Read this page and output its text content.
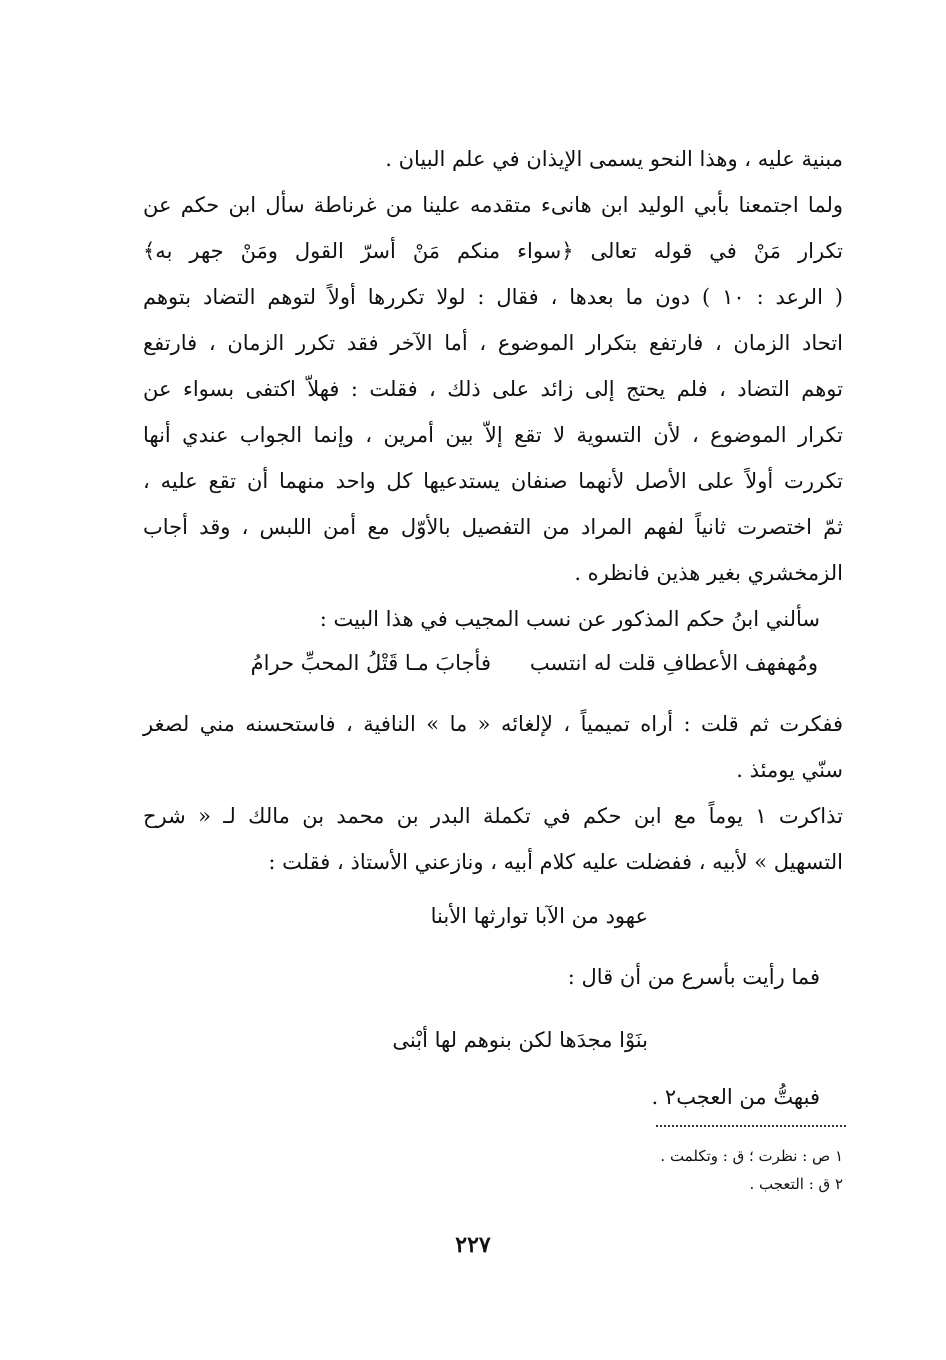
مبنية عليه ، وهذا النحو يسمى الإيذان في علم البيان .
ولما اجتمعنا بأبي الوليد ابن هانىء متقدمه علينا من غرناطة سأل ابن حكم عن
تكرار مَنْ في قوله تعالى ﴿سواء منكم مَنْ أسرّ القول ومَنْ جهر به﴾
( الرعد : ١٠ ) دون ما بعدها ، فقال : لولا تكررها أولاً لتوهم التضاد بتوهم
اتحاد الزمان ، فارتفع بتكرار الموضوع ، أما الآخر فقد تكرر الزمان ، فارتفع
توهم التضاد ، فلم يحتج إلى زائد على ذلك ، فقلت : فهلاّ اكتفى بسواء عن
تكرار الموضوع ، لأن التسوية لا تقع إلاّ بين أمرين ، وإنما الجواب عندي أنها
تكررت أولاً على الأصل لأنهما صنفان يستدعيها كل واحد منهما أن تقع عليه ،
ثمّ اختصرت ثانياً لفهم المراد من التفصيل بالأوّل مع أمن اللبس ، وقد أجاب
الزمخشري بغير هذين فانظره .
سألني ابنُ حكم المذكور عن نسب المجيب في هذا البيت :
ومُهفهف الأعطافِ قلت له انتسب
فأجابَ مـا قَتْلُ المحبِّ حرامُ
ففكرت ثم قلت : أراه تميمياً ، لإلغائه « ما » النافية ، فاستحسنه مني لصغر
سنّي يومئذ .
تذاكرت ١ يوماً مع ابن حكم في تكملة البدر بن محمد بن مالك لـ « شرح
التسهيل » لأبيه ، ففضلت عليه كلام أبيه ، ونازعني الأستاذ ، فقلت :
عهود من الآبا توارثها الأبنا
فما رأيت بأسرع من أن قال :
بنَوْا مجدَها لكن بنوهم لها أبْنى
فبهتُّ من العجب٢ .
١ ص : نظرت ؛ ق : وتكلمت .
٢ ق : التعجب .
٢٢٧
